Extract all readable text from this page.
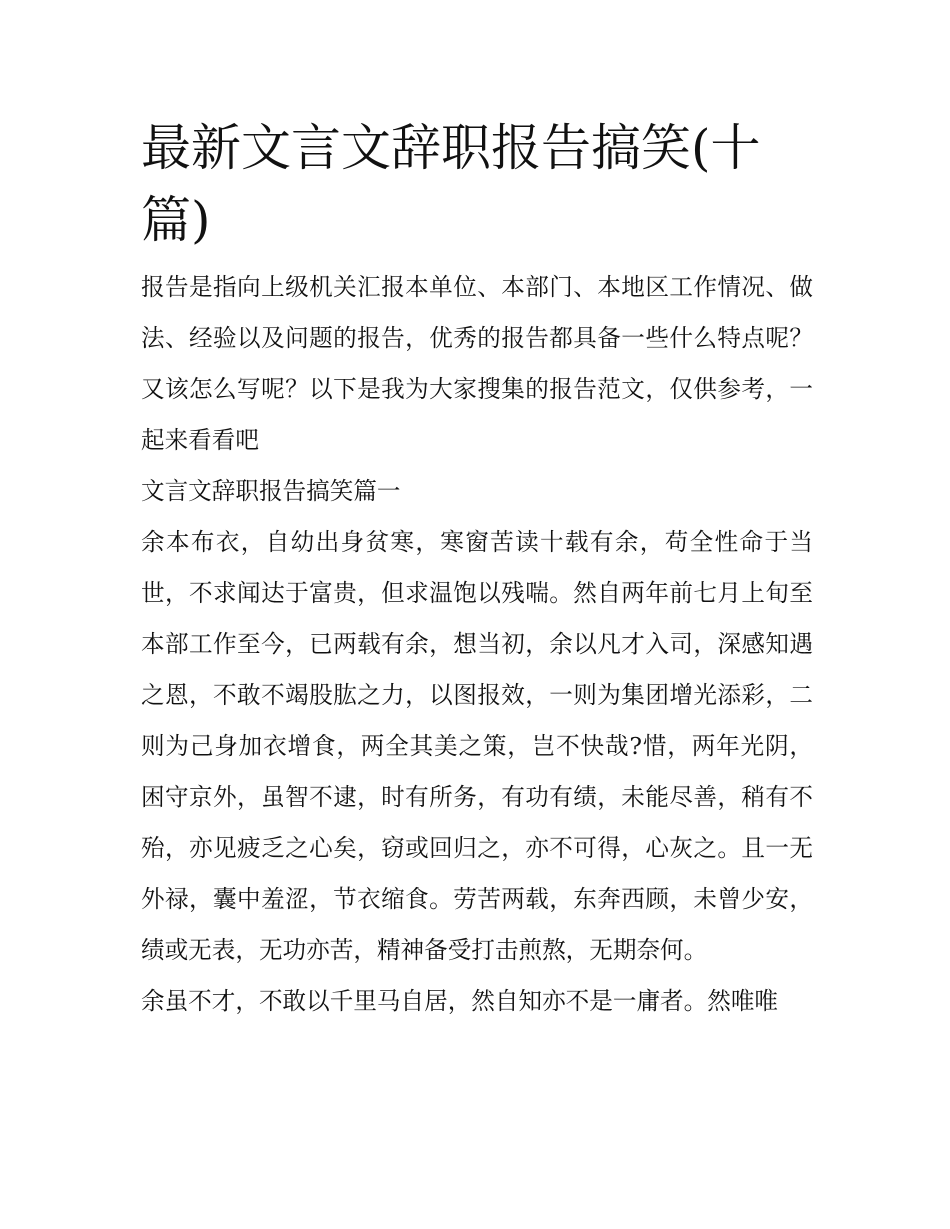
最新文言文辞职报告搞笑(十篇)

报告是指向上级机关汇报本单位、本部门、本地区工作情况、做法、经验以及问题的报告，优秀的报告都具备一些什么特点呢？又该怎么写呢？以下是我为大家搜集的报告范文，仅供参考，一起来看看吧

文言文辞职报告搞笑篇一

余本布衣，自幼出身贫寒，寒窗苦读十载有余，苟全性命于当世，不求闻达于富贵，但求温饱以残喘。然自两年前七月上旬至本部工作至今，已两载有余，想当初，余以凡才入司，深感知遇之恩，不敢不竭股肱之力，以图报效，一则为集团增光添彩，二则为己身加衣增食，两全其美之策，岂不快哉?惜，两年光阴，困守京外，虽智不逮，时有所务，有功有绩，未能尽善，稍有不殆，亦见疲乏之心矣，窃或回归之，亦不可得，心灰之。且一无外禄，囊中羞涩，节衣缩食。劳苦两载，东奔西顾，未曾少安，绩或无表，无功亦苦，精神备受打击煎熬，无期奈何。

余虽不才，不敢以千里马自居，然自知亦不是一庸者。然唯唯
